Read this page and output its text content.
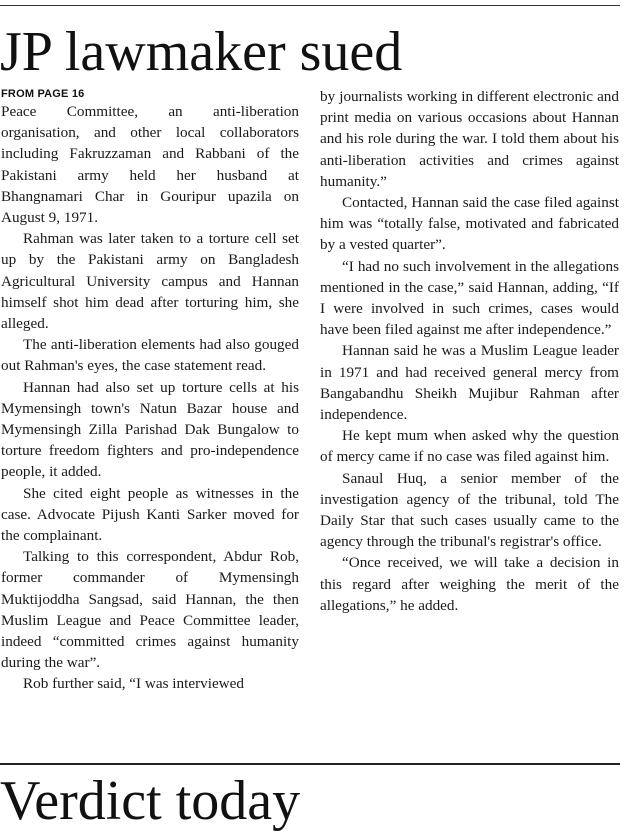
JP lawmaker sued
FROM PAGE 16

Peace Committee, an anti-liberation organisation, and other local collaborators including Fakruzzaman and Rabbani of the Pakistani army held her husband at Bhangnamari Char in Gouripur upazila on August 9, 1971.

Rahman was later taken to a torture cell set up by the Pakistani army on Bangladesh Agricultural University campus and Hannan himself shot him dead after torturing him, she alleged.

The anti-liberation elements had also gouged out Rahman's eyes, the case statement read.

Hannan had also set up torture cells at his Mymensingh town's Natun Bazar house and Mymensingh Zilla Parishad Dak Bungalow to torture freedom fighters and pro-independence people, it added.

She cited eight people as witnesses in the case. Advocate Pijush Kanti Sarker moved for the complainant.

Talking to this correspondent, Abdur Rob, former commander of Mymensingh Muktijoddha Sangsad, said Hannan, the then Muslim League and Peace Committee leader, indeed “committed crimes against humanity during the war”.

Rob further said, “I was interviewed

by journalists working in different electronic and print media on various occasions about Hannan and his role during the war. I told them about his anti-liberation activities and crimes against humanity.”

Contacted, Hannan said the case filed against him was “totally false, motivated and fabricated by a vested quarter”.

“I had no such involvement in the allegations mentioned in the case,” said Hannan, adding, “If I were involved in such crimes, cases would have been filed against me after independence.”

Hannan said he was a Muslim League leader in 1971 and had received general mercy from Bangabandhu Sheikh Mujibur Rahman after independence.

He kept mum when asked why the question of mercy came if no case was filed against him.

Sanaul Huq, a senior member of the investigation agency of the tribunal, told The Daily Star that such cases usually came to the agency through the tribunal's registrar's office.

“Once received, we will take a decision in this regard after weighing the merit of the allegations,” he added.

Verdict today
